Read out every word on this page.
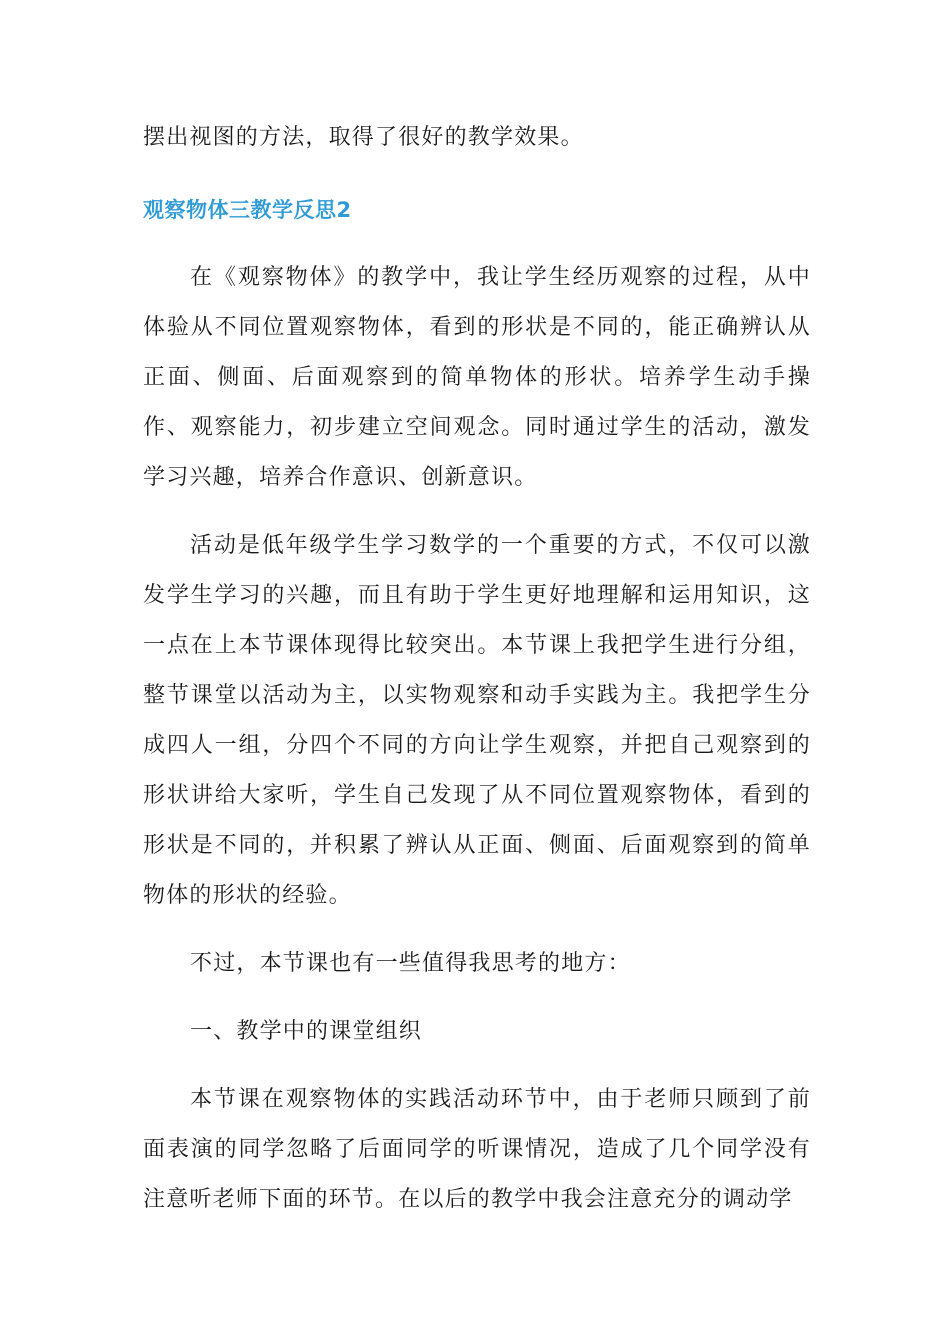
摆出视图的方法，取得了很好的教学效果。

观察物体三教学反思2

在《观察物体》的教学中，我让学生经历观察的过程，从中体验从不同位置观察物体，看到的形状是不同的，能正确辨认从正面、侧面、后面观察到的简单物体的形状。培养学生动手操作、观察能力，初步建立空间观念。同时通过学生的活动，激发学习兴趣，培养合作意识、创新意识。

活动是低年级学生学习数学的一个重要的方式，不仅可以激发学生学习的兴趣，而且有助于学生更好地理解和运用知识，这一点在上本节课体现得比较突出。本节课上我把学生进行分组，整节课堂以活动为主，以实物观察和动手实践为主。我把学生分成四人一组，分四个不同的方向让学生观察，并把自己观察到的形状讲给大家听，学生自己发现了从不同位置观察物体，看到的形状是不同的，并积累了辨认从正面、侧面、后面观察到的简单物体的形状的经验。

不过，本节课也有一些值得我思考的地方：

一、教学中的课堂组织

本节课在观察物体的实践活动环节中，由于老师只顾到了前面表演的同学忽略了后面同学的听课情况，造成了几个同学没有注意听老师下面的环节。在以后的教学中我会注意充分的调动学
